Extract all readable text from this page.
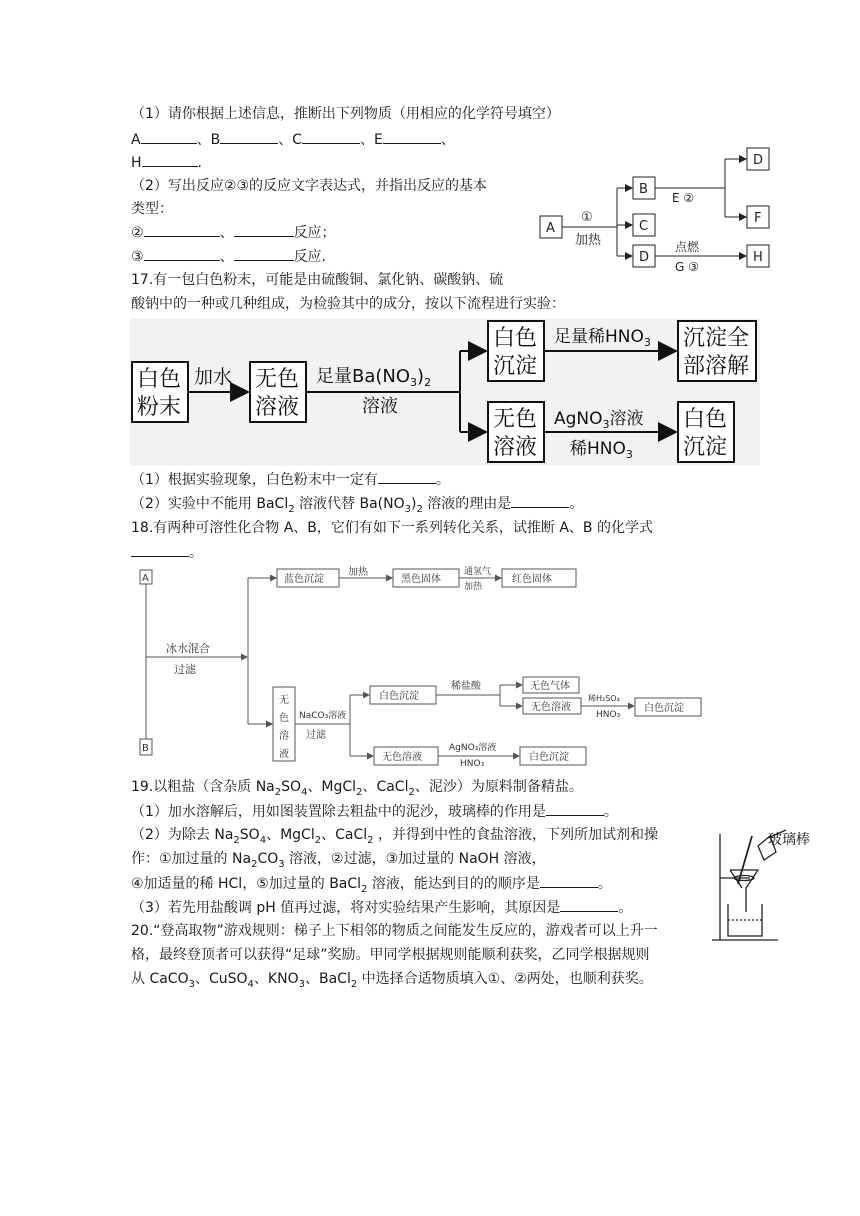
（1）请你根据上述信息，推断出下列物质（用相应的化学符号填空）
A	、B	、C	、E	、
H	.
（2）写出反应②③的反应文字表达式，并指出反应的基本
类型：
②	、	反应；
③	、	反应.
A
B
C
D
D
F
H
①
加热
E ②
点燃
G ③
17.有一包白色粉末，可能是由硫酸铜、氯化钠、碳酸钠、硫
酸钠中的一种或几种组成，为检验其中的成分，按以下流程进行实验：
白色
粉末
加水 无色
溶液
足量$Ba(NO_3)_2$
溶液
白色
沉淀
足量稀$HNO_3$ 沉淀全
部溶解
无色
溶液
AgNO$_3$溶液
稀$HNO_3$
白色
沉淀
（1）根据实验现象，白色粉末中一定有	。
（2）实验中不能用 BaCl$_2$ 溶液代替 $Ba(NO_3)_2$ 溶液的理由是	。
18.有两种可溶性化合物 A、B，它们有如下一系列转化关系，试推断 A、B 的化学式
。
A
B
冰水混合
过滤
蓝色沉淀
加热
黑色固体
通氢气
加热
红色固体
无
色
溶
液
NaCO₃溶液
过滤
白色沉淀
稀盐酸	无色气体
无色溶液
稀H₂SO₄
HNO₃
白色沉淀
无色溶液
AgNO₃溶液
HNO₃
白色沉淀
19.以粗盐（含杂质 $Na_2SO_4$、MgCl$_2$、CaCl$_2$、泥沙）为原料制备精盐。
（1）加水溶解后，用如图装置除去粗盐中的泥沙，玻璃棒的作用是	。
（2）为除去 $Na_2SO_4$、MgCl$_2$、CaCl$_2$ ，并得到中性的食盐溶液，下列所加试剂和操
作：①加过量的 $Na_2CO_3$ 溶液，②过滤，③加过量的 NaOH 溶液，
④加适量的稀 HCl，⑤加过量的 BaCl$_2$ 溶液，能达到目的的顺序是	。
（3）若先用盐酸调 pH 值再过滤，将对实验结果产生影响，其原因是	。
玻璃棒
20.“登高取物”游戏规则：梯子上下相邻的物质之间能发生反应的，游戏者可以上升一
格，最终登顶者可以获得“足球”奖励。甲同学根据规则能顺利获奖，乙同学根据规则
从 CaCO$_3$、CuSO$_4$、$KNO_3$、BaCl$_2$ 中选择合适物质填入①、②两处，也顺利获奖。
